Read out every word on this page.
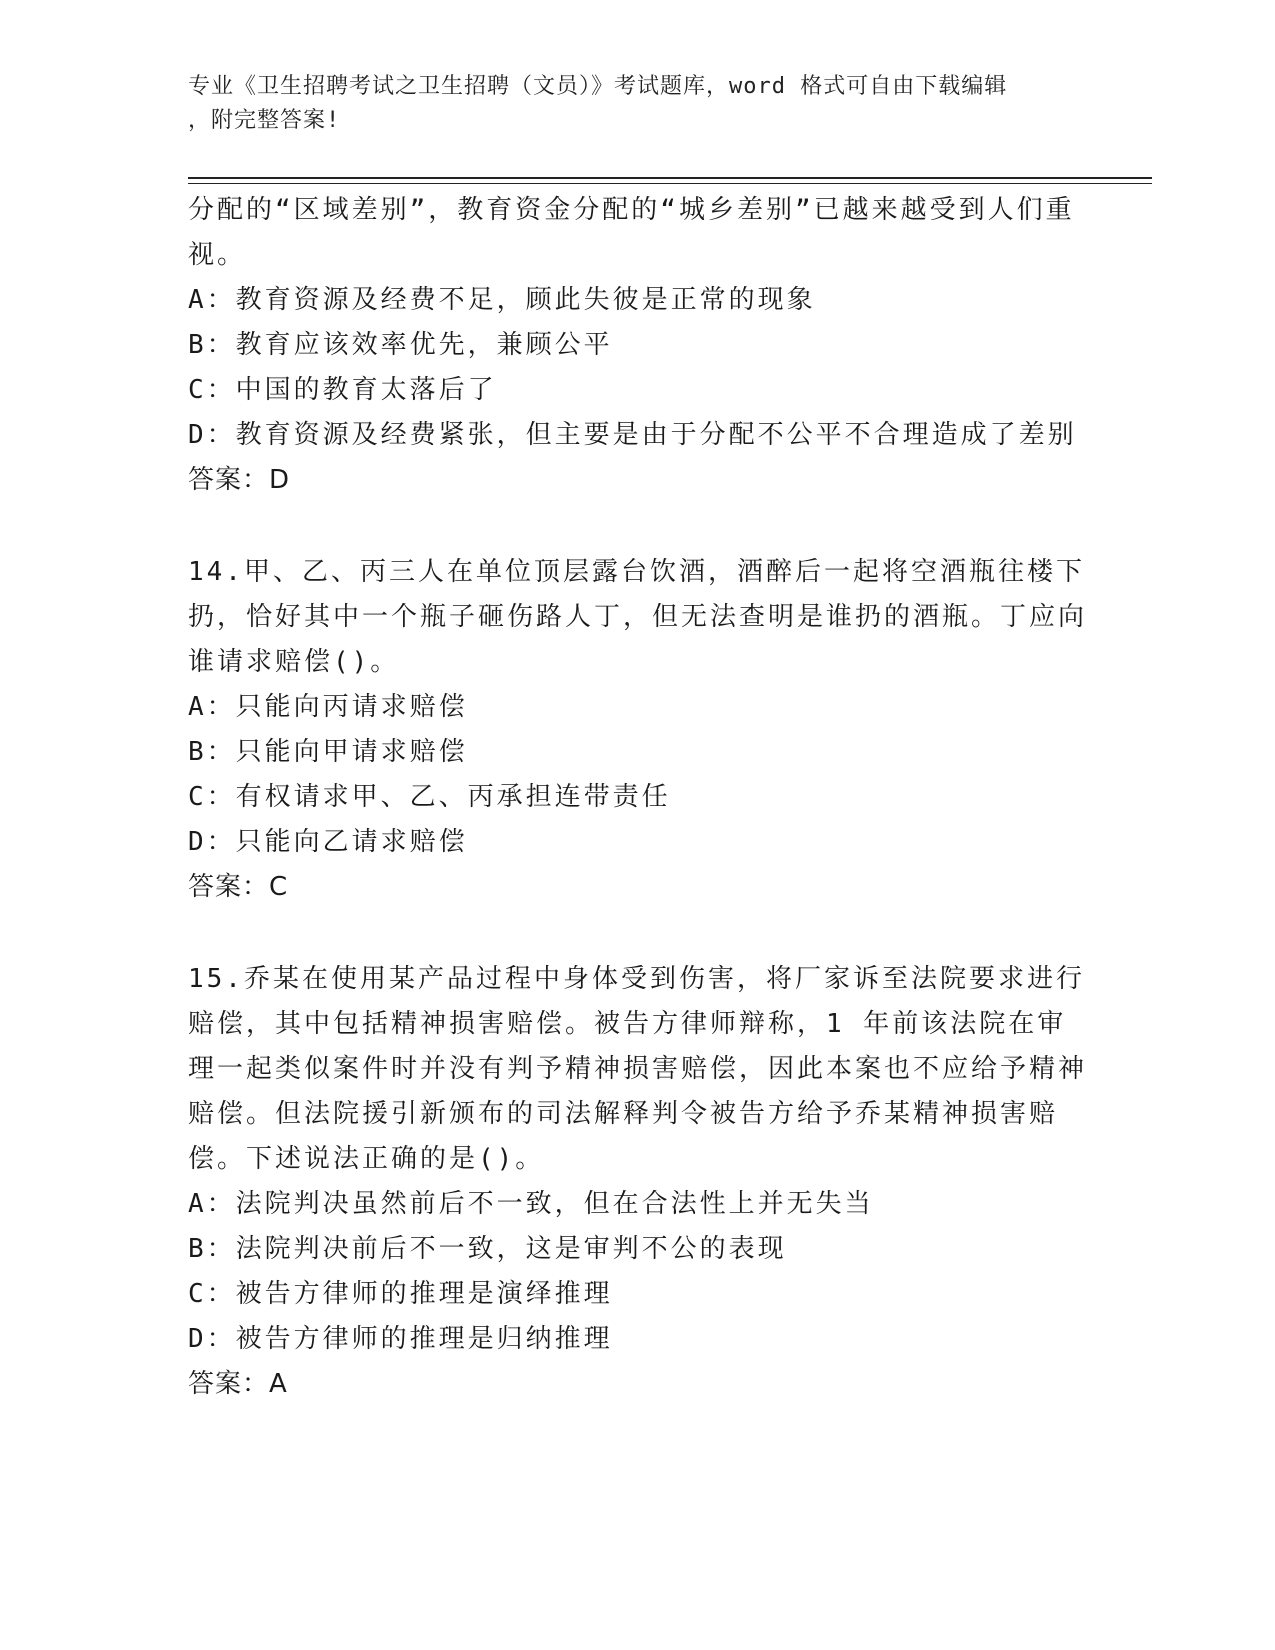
专业《卫生招聘考试之卫生招聘（文员）》考试题库，word 格式可自由下载编辑
，附完整答案!

分配的“区域差别”，教育资金分配的“城乡差别”已越来越受到人们重视。

A：教育资源及经费不足，顾此失彼是正常的现象

B：教育应该效率优先，兼顾公平

C：中国的教育太落后了

D：教育资源及经费紧张，但主要是由于分配不公平不合理造成了差别

答案：D

14.甲、乙、丙三人在单位顶层露台饮酒，酒醉后一起将空酒瓶往楼下扔，恰好其中一个瓶子砸伤路人丁，但无法查明是谁扔的酒瓶。丁应向谁请求赔偿()。

A：只能向丙请求赔偿

B：只能向甲请求赔偿

C：有权请求甲、乙、丙承担连带责任

D：只能向乙请求赔偿

答案：C

15.乔某在使用某产品过程中身体受到伤害，将厂家诉至法院要求进行赔偿，其中包括精神损害赔偿。被告方律师辩称，1 年前该法院在审理一起类似案件时并没有判予精神损害赔偿，因此本案也不应给予精神赔偿。但法院援引新颁布的司法解释判令被告方给予乔某精神损害赔偿。下述说法正确的是()。

A：法院判决虽然前后不一致，但在合法性上并无失当

B：法院判决前后不一致，这是审判不公的表现

C：被告方律师的推理是演绎推理

D：被告方律师的推理是归纳推理

答案：A
